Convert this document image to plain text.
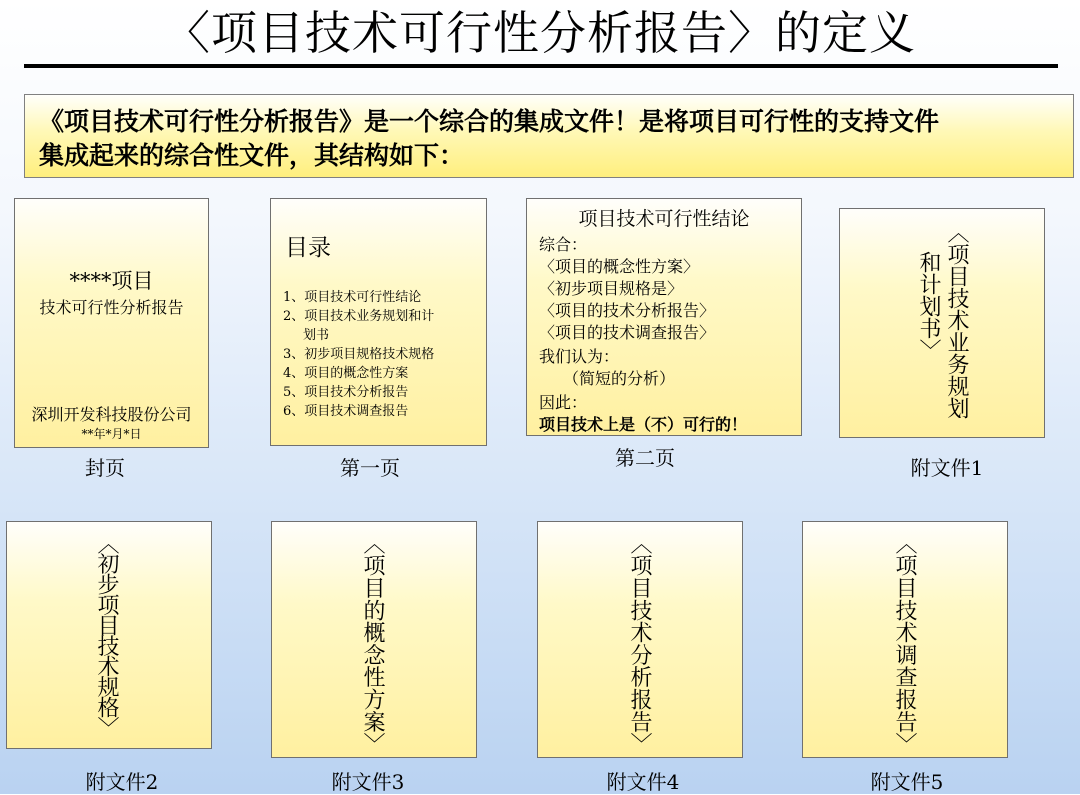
〈项目技术可行性分析报告〉的定义
《项目技术可行性分析报告》是一个综合的集成文件！是将项目可行性的支持文件
集成起来的综合性文件，其结构如下：
****项目
技术可行性分析报告
深圳开发科技股份公司
**年*月*日
封页
目录
1、项目技术可行性结论
2、项目技术业务规划和计
划书
3、初步项目规格技术规格
4、项目的概念性方案
5、项目技术分析报告
6、项目技术调查报告
第一页
项目技术可行性结论
综合：
〈项目的概念性方案〉
〈初步项目规格是〉
〈项目的技术分析报告〉
〈项目的技术调查报告〉
我们认为：
（简短的分析）
因此：
项目技术上是（不）可行的！
第二页
〈项目技术业务规划
和计划书〉
附文件1
〈初步项目技术规格〉
附文件2
〈项目的概念性方案〉
附文件3
〈项目技术分析报告〉
附文件4
〈项目技术调查报告〉
附文件5
